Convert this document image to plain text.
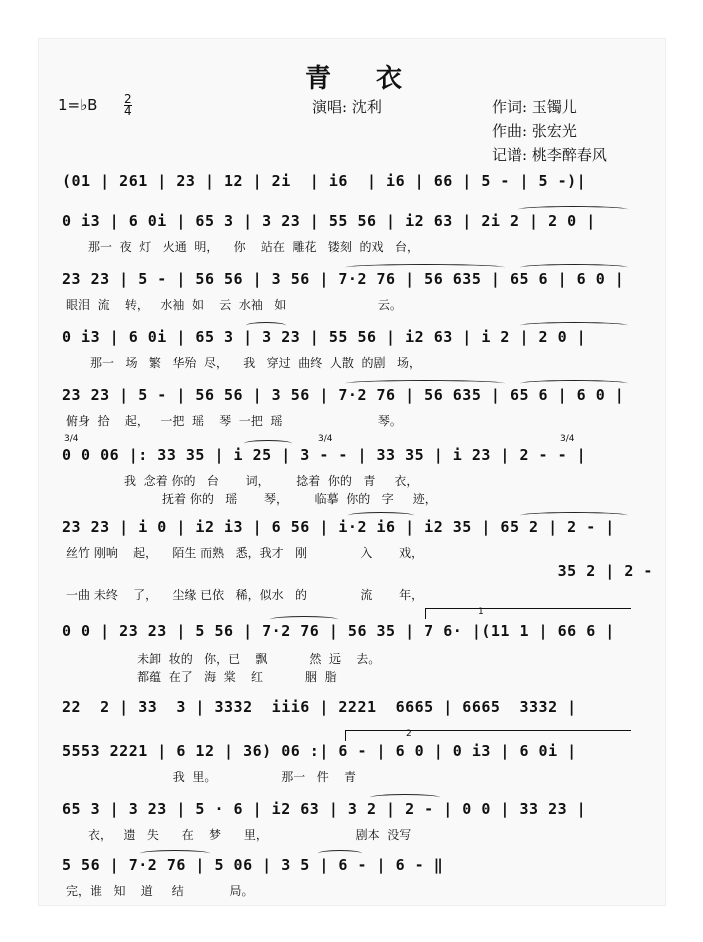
青 衣
1=♭B 2
4	演唱: 沈利	作词: 玉镯儿
作曲: 张宏光
记谱: 桃李醉春风
(01 | 261 | 23 | 12 | 2i  | i6  | i6 | 66 | 5 - | 5 -)|
0 i3 | 6 0i | 65 3 | 3 23 | 55 56 | i2 63 | 2i 2 | 2 0 |
那一  夜  灯   火通  明，    你    站在  雕花   镂刻  的戏   台，
23 23 | 5 - | 56 56 | 3 56 | 7·2 76 | 56 635 | 65 6 | 6 0 |
眼泪  流    转，   水袖  如    云  水袖   如                        云。
0 i3 | 6 0i | 65 3 | 3 23 | 55 56 | i2 63 | i 2 | 2 0 |
那一   场   繁   华殆  尽，    我   穿过  曲终  人散  的剧   场，
23 23 | 5 - | 56 56 | 3 56 | 7·2 76 | 56 635 | 65 6 | 6 0 |
俯身  拾    起，   一把  瑶    琴  一把  瑶                         琴。
3/4	3/4	3/4
0 0 06 |: 33 35 | i 25 | 3 - - | 33 35 | i 23 | 2 - - |
我  念着 你的   台       词，       捻着  你的   青     衣，
抚着 你的   瑶       琴，       临摹  你的   字     迹，
23 23 | i 0 | i2 i3 | 6 56 | i·2 i6 | i2 35 | 65 2 | 2 - |
丝竹 刚响    起，    陌生 而熟   悉，我才   刚              入       戏，
35 2 | 2 -
一曲 未终    了，    尘缘 已依   稀，似水   的              流       年，
1
0 0 | 23 23 | 5 56 | 7·2 76 | 56 35 | 7 6· |(11 1 | 66 6 |
未卸  妆的   你，已    飘           然  远    去。
都蕴  在了   海  棠    红           胭  脂
22  2 | 33  3 | 3332  iii6 | 2221  6665 | 6665  3332 |
2
5553 2221 | 6 12 | 36) 06 :| 6 - | 6 0 | 0 i3 | 6 0i |
我  里。                 那一   件    青
65 3 | 3 23 | 5 · 6 | i2 63 | 3 2 | 2 - | 0 0 | 33 23 |
衣，   遗   失      在    梦      里，                       剧本  没写
5 56 | 7·2 76 | 5 06 | 3 5 | 6 - | 6 - ‖
完，谁   知    道     结            局。
